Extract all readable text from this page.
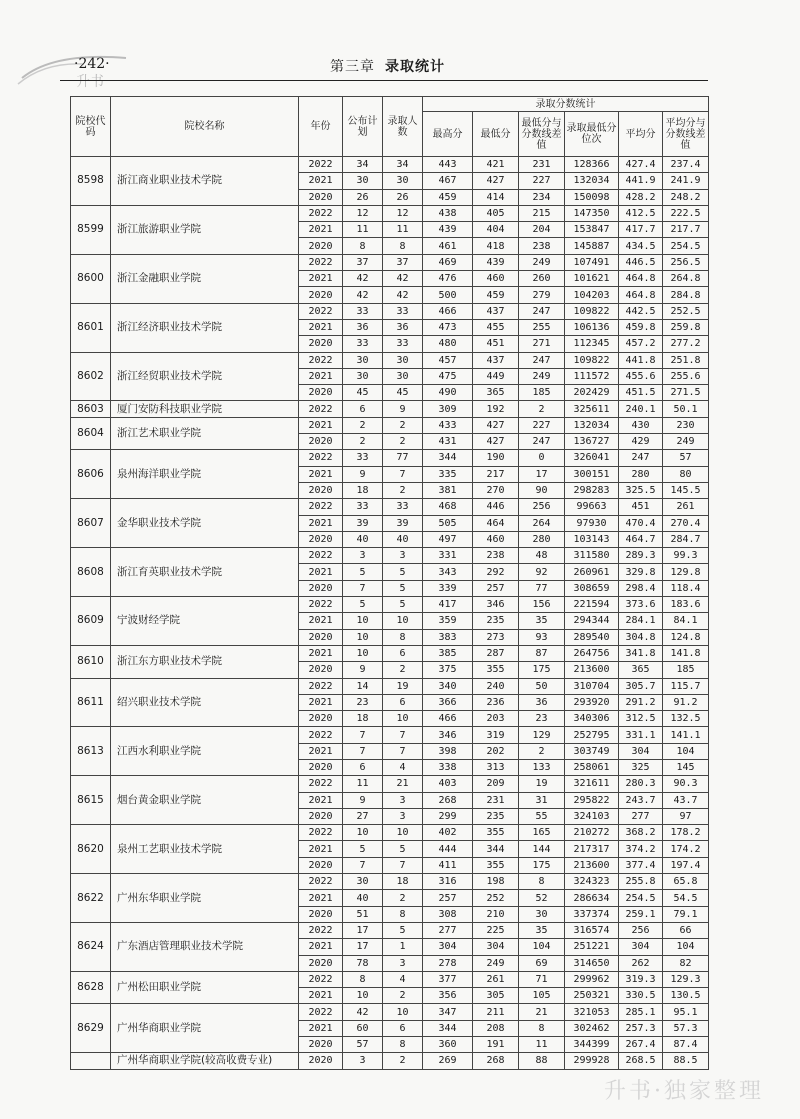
升书
·242·	第三章 录取统计
院校代码	院校名称	年份	公布计划	录取人数	录取分数统计					
					最高分	最低分	最低分与分数线差值	录取最低分位次	平均分	平均分与分数线差值
8598	浙江商业职业技术学院	2022	34	34	443	421	231	128366	427.4	237.4
		2021	30	30	467	427	227	132034	441.9	241.9
		2020	26	26	459	414	234	150098	428.2	248.2
8599	浙江旅游职业学院	2022	12	12	438	405	215	147350	412.5	222.5
		2021	11	11	439	404	204	153847	417.7	217.7
		2020	8	8	461	418	238	145887	434.5	254.5
8600	浙江金融职业学院	2022	37	37	469	439	249	107491	446.5	256.5
		2021	42	42	476	460	260	101621	464.8	264.8
		2020	42	42	500	459	279	104203	464.8	284.8
8601	浙江经济职业技术学院	2022	33	33	466	437	247	109822	442.5	252.5
		2021	36	36	473	455	255	106136	459.8	259.8
		2020	33	33	480	451	271	112345	457.2	277.2
8602	浙江经贸职业技术学院	2022	30	30	457	437	247	109822	441.8	251.8
		2021	30	30	475	449	249	111572	455.6	255.6
		2020	45	45	490	365	185	202429	451.5	271.5
8603	厦门安防科技职业学院	2022	6	9	309	192	2	325611	240.1	50.1
8604	浙江艺术职业学院	2021	2	2	433	427	227	132034	430	230
		2020	2	2	431	427	247	136727	429	249
8606	泉州海洋职业学院	2022	33	77	344	190	0	326041	247	57
		2021	9	7	335	217	17	300151	280	80
		2020	18	2	381	270	90	298283	325.5	145.5
8607	金华职业技术学院	2022	33	33	468	446	256	99663	451	261
		2021	39	39	505	464	264	97930	470.4	270.4
		2020	40	40	497	460	280	103143	464.7	284.7
8608	浙江育英职业技术学院	2022	3	3	331	238	48	311580	289.3	99.3
		2021	5	5	343	292	92	260961	329.8	129.8
		2020	7	5	339	257	77	308659	298.4	118.4
8609	宁波财经学院	2022	5	5	417	346	156	221594	373.6	183.6
		2021	10	10	359	235	35	294344	284.1	84.1
		2020	10	8	383	273	93	289540	304.8	124.8
8610	浙江东方职业技术学院	2021	10	6	385	287	87	264756	341.8	141.8
		2020	9	2	375	355	175	213600	365	185
8611	绍兴职业技术学院	2022	14	19	340	240	50	310704	305.7	115.7
		2021	23	6	366	236	36	293920	291.2	91.2
		2020	18	10	466	203	23	340306	312.5	132.5
8613	江西水利职业学院	2022	7	7	346	319	129	252795	331.1	141.1
		2021	7	7	398	202	2	303749	304	104
		2020	6	4	338	313	133	258061	325	145
8615	烟台黄金职业学院	2022	11	21	403	209	19	321611	280.3	90.3
		2021	9	3	268	231	31	295822	243.7	43.7
		2020	27	3	299	235	55	324103	277	97
8620	泉州工艺职业技术学院	2022	10	10	402	355	165	210272	368.2	178.2
		2021	5	5	444	344	144	217317	374.2	174.2
		2020	7	7	411	355	175	213600	377.4	197.4
8622	广州东华职业学院	2022	30	18	316	198	8	324323	255.8	65.8
		2021	40	2	257	252	52	286634	254.5	54.5
		2020	51	8	308	210	30	337374	259.1	79.1
8624	广东酒店管理职业技术学院	2022	17	5	277	225	35	316574	256	66
		2021	17	1	304	304	104	251221	304	104
		2020	78	3	278	249	69	314650	262	82
8628	广州松田职业学院	2022	8	4	377	261	71	299962	319.3	129.3
		2021	10	2	356	305	105	250321	330.5	130.5
8629	广州华商职业学院	2022	42	10	347	211	21	321053	285.1	95.1
		2021	60	6	344	208	8	302462	257.3	57.3
		2020	57	8	360	191	11	344399	267.4	87.4
	广州华商职业学院(较高收费专业)	2020	3	2	269	268	88	299928	268.5	88.5
升书·独家整理
